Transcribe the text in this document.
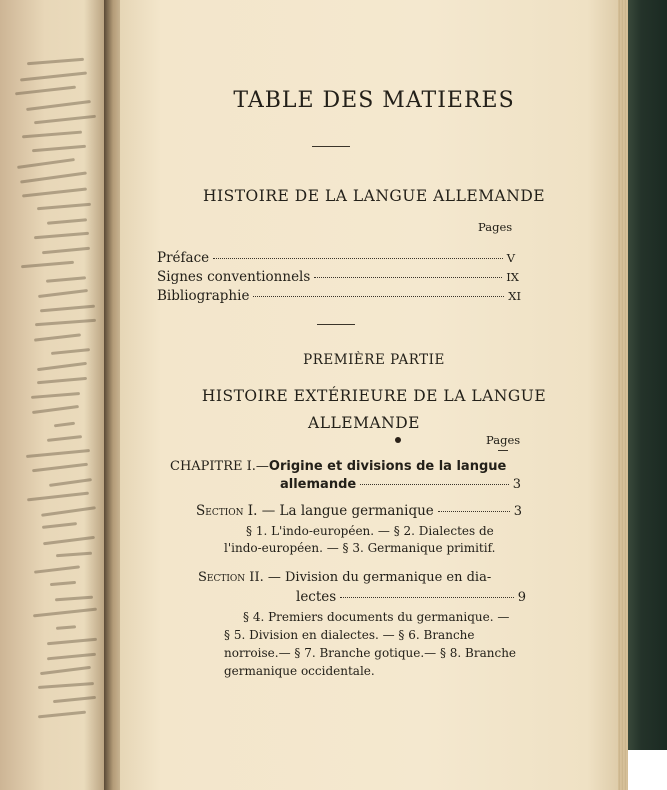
TABLE DES MATIERES
HISTOIRE DE LA LANGUE ALLEMANDE
Pages
Préface	V
Signes conventionnels	IX
Bibliographie	XI
PREMIÈRE PARTIE
HISTOIRE EXTÉRIEURE DE LA LANGUE
ALLEMANDE
Pages
CHAPITRE I.—Origine et divisions de la langue
allemande	3
Section I. — La langue germanique	3
§ 1. L'indo-européen. — § 2. Dialectes de
l'indo-européen. — § 3. Germanique primitif.
Section II. — Division du germanique en dia-
lectes	9
§ 4. Premiers documents du germanique. —
§ 5. Division en dialectes. — § 6. Branche
norroise.— § 7. Branche gotique.— § 8. Branche
germanique occidentale.
